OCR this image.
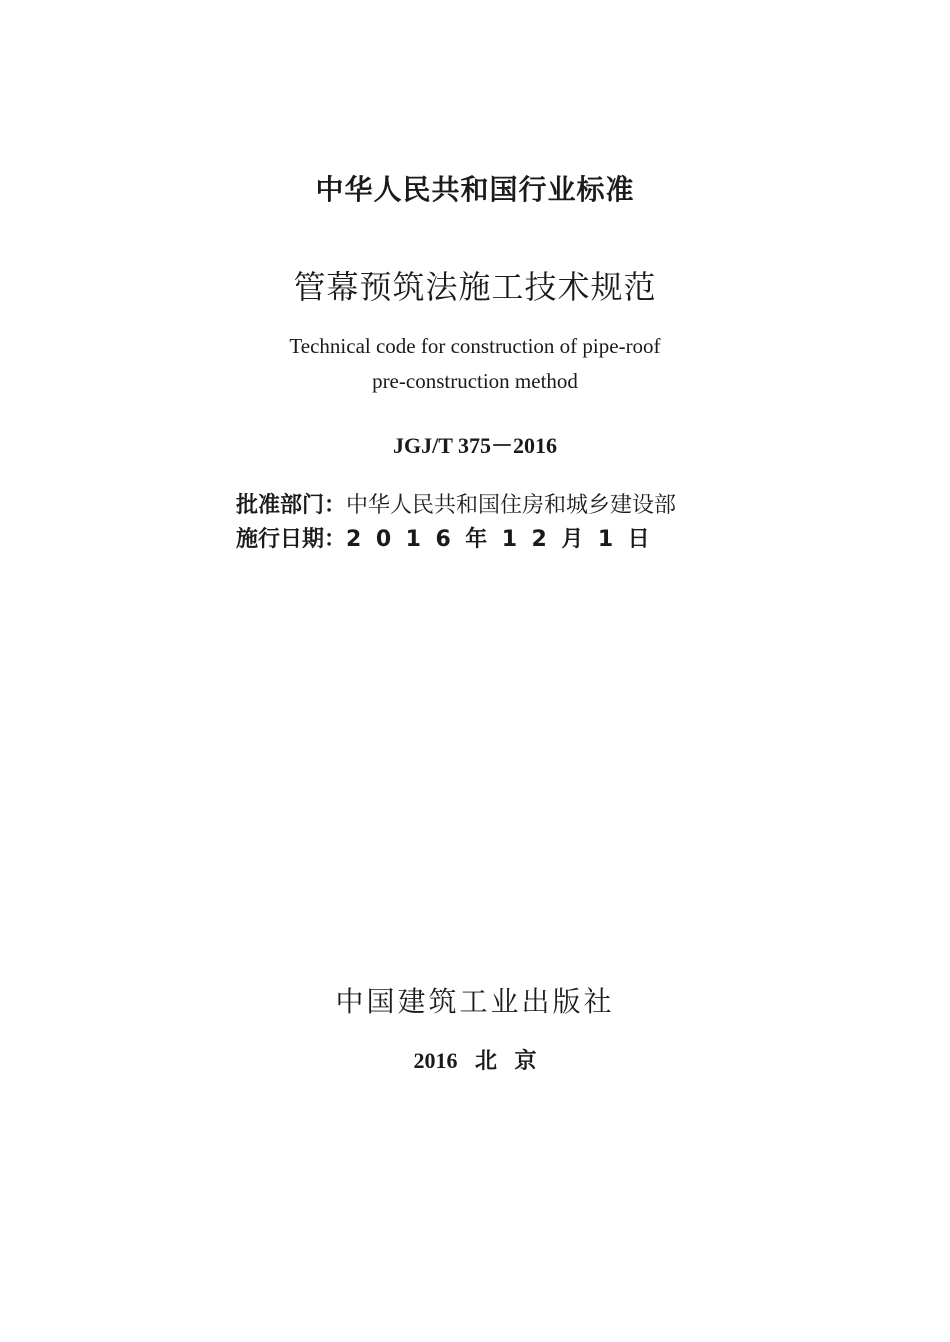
中华人民共和国行业标准
管幕预筑法施工技术规范
Technical code for construction of pipe-roof
pre-construction method
JGJ/T 375－2016
批准部门：中华人民共和国住房和城乡建设部
施行日期：2016年12月1日
中国建筑工业出版社
2016 北 京
